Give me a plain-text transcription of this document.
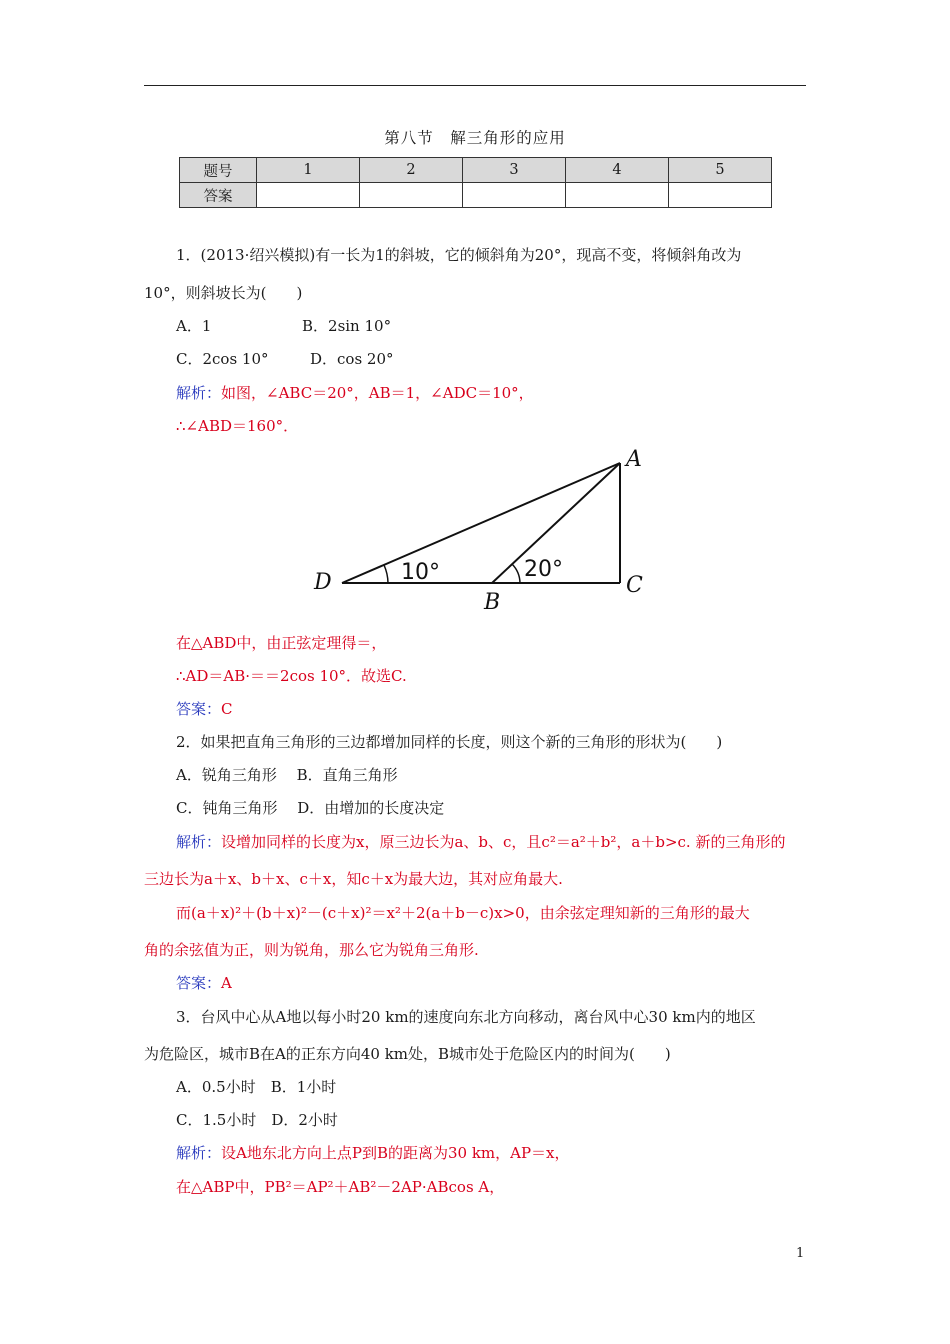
第八节　解三角形的应用
题号	1	2	3	4	5
答案					
1．(2013·绍兴模拟)有一长为1的斜坡，它的倾斜角为20°，现高不变，将倾斜角改为
10°，则斜坡长为(　　)
A．1	B．2sin 10°
C．2cos 10°	D．cos 20°
解析：如图，∠ABC＝20°，AB＝1，∠ADC＝10°，
∴∠ABD＝160°．
A
B
C
D	10°	20°
在△ABD中，由正弦定理得＝，
∴AD＝AB·＝＝2cos 10°．故选C.
答案：C
2．如果把直角三角形的三边都增加同样的长度，则这个新的三角形的形状为(　　)
A．锐角三角形　 B．直角三角形
C．钝角三角形　 D．由增加的长度决定
解析：设增加同样的长度为x，原三边长为a、b、c，且c²＝a²＋b²，a＋b>c. 新的三角形的
三边长为a＋x、b＋x、c＋x，知c＋x为最大边，其对应角最大.
而(a＋x)²＋(b＋x)²－(c＋x)²＝x²＋2(a＋b－c)x>0，由余弦定理知新的三角形的最大
角的余弦值为正，则为锐角，那么它为锐角三角形.
答案：A
3．台风中心从A地以每小时20 km的速度向东北方向移动，离台风中心30 km内的地区
为危险区，城市B在A的正东方向40 km处，B城市处于危险区内的时间为(　　)
A．0.5小时　B．1小时
C．1.5小时　D．2小时
解析：设A地东北方向上点P到B的距离为30 km，AP＝x，
在△ABP中，PB²＝AP²＋AB²－2AP·ABcos A，
1
